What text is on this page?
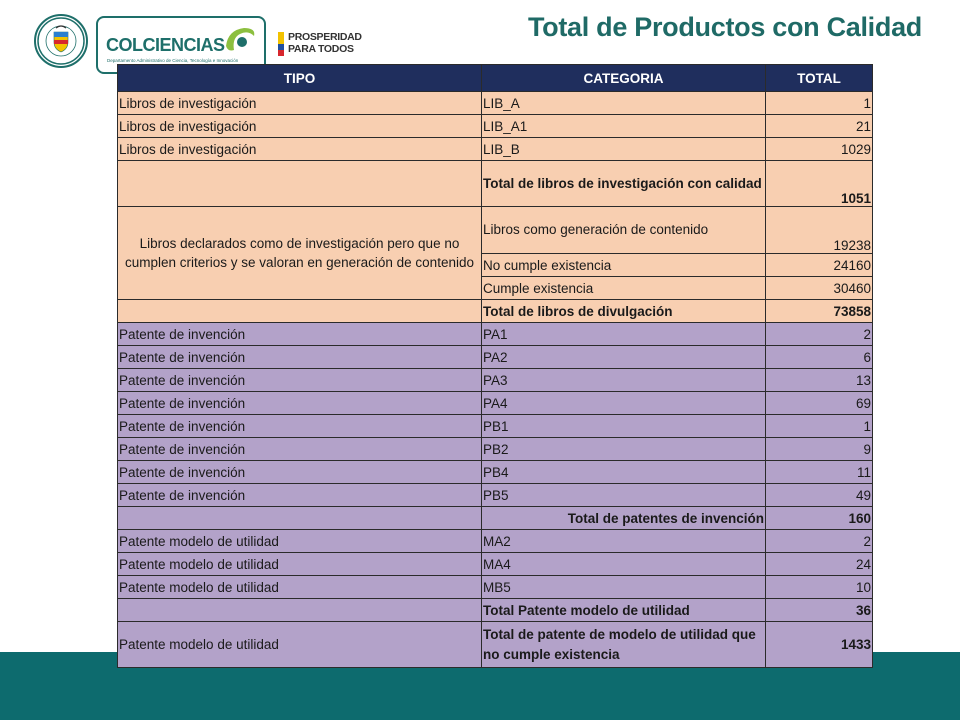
COLCIENCIAS
Departamento Administrativo de Ciencia, Tecnología e Innovación
PROSPERIDAD
PARA TODOS
Total de Productos con Calidad
TIPO	CATEGORIA	TOTAL
Libros de investigación	LIB_A	1
Libros de investigación	LIB_A1	21
Libros de investigación	LIB_B	1029
	Total de libros de investigación con calidad	1051
Libros declarados como de investigación pero que no cumplen criterios y se valoran en generación de contenido	Libros como generación de contenido	19238
	No cumple existencia	24160
	Cumple existencia	30460
	Total de libros de divulgación	73858
Patente de invención	PA1	2
Patente de invención	PA2	6
Patente de invención	PA3	13
Patente de invención	PA4	69
Patente de invención	PB1	1
Patente de invención	PB2	9
Patente de invención	PB4	11
Patente de invención	PB5	49
	Total de patentes de invención	160
Patente modelo de utilidad	MA2	2
Patente modelo de utilidad	MA4	24
Patente modelo de utilidad	MB5	10
	Total Patente modelo de utilidad	36
Patente modelo de utilidad	Total de patente de modelo de utilidad que no cumple existencia	1433
